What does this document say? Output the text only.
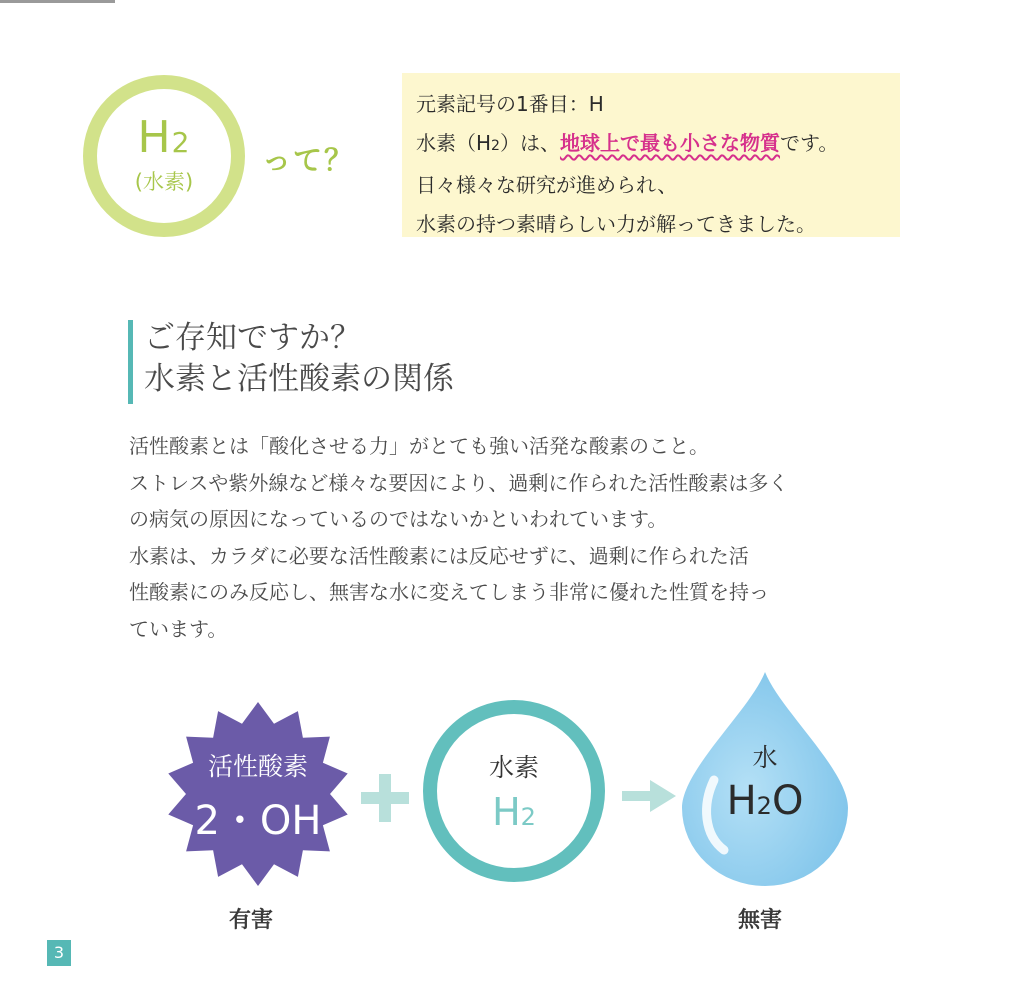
H2
(水素)
って？
元素記号の1番目：H
水素（H2）は、地球上で最も小さな物質です。
日々様々な研究が進められ、
水素の持つ素晴らしい力が解ってきました。
ご存知ですか？
水素と活性酸素の関係
活性酸素とは「酸化させる力」がとても強い活発な酸素のこと。
ストレスや紫外線など様々な要因により、過剰に作られた活性酸素は多く
の病気の原因になっているのではないかといわれています。
水素は、カラダに必要な活性酸素には反応せずに、過剰に作られた活
性酸素にのみ反応し、無害な水に変えてしまう非常に優れた性質を持っ
ています。
活性酸素
2・OH
水素
H2
水
H2O
有害	無害
3
